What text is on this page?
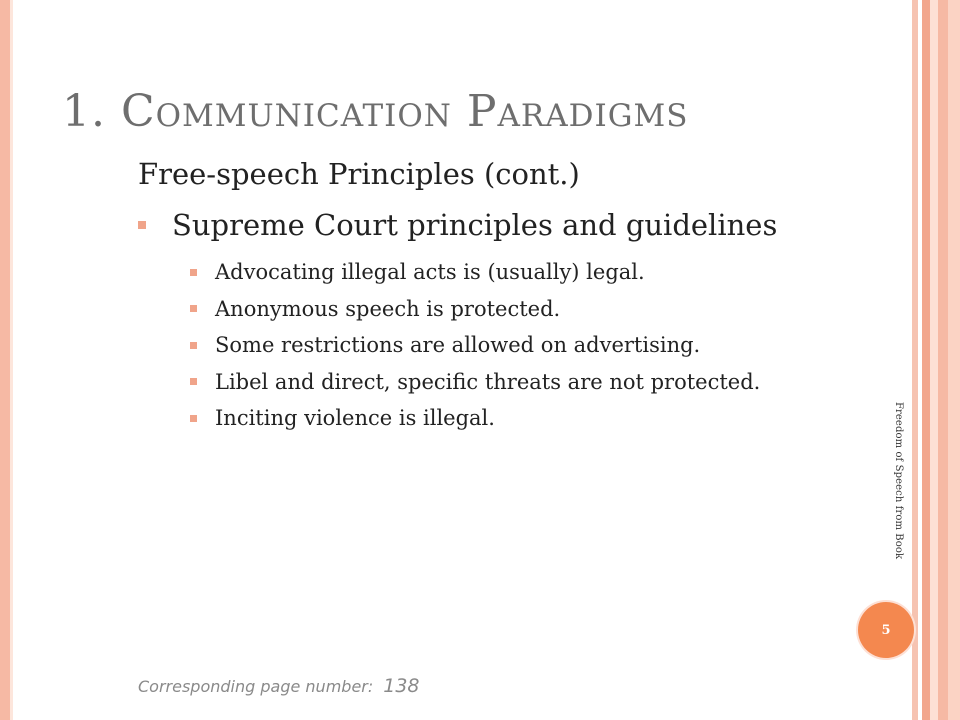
1. Communication Paradigms
Free-speech Principles (cont.)
Supreme Court principles and guidelines
Advocating illegal acts is (usually) legal.
Anonymous speech is protected.
Some restrictions are allowed on advertising.
Libel and direct, specific threats are not protected.
Inciting violence is illegal.	Freedom of Speech from Book
5
Corresponding page number: 138
